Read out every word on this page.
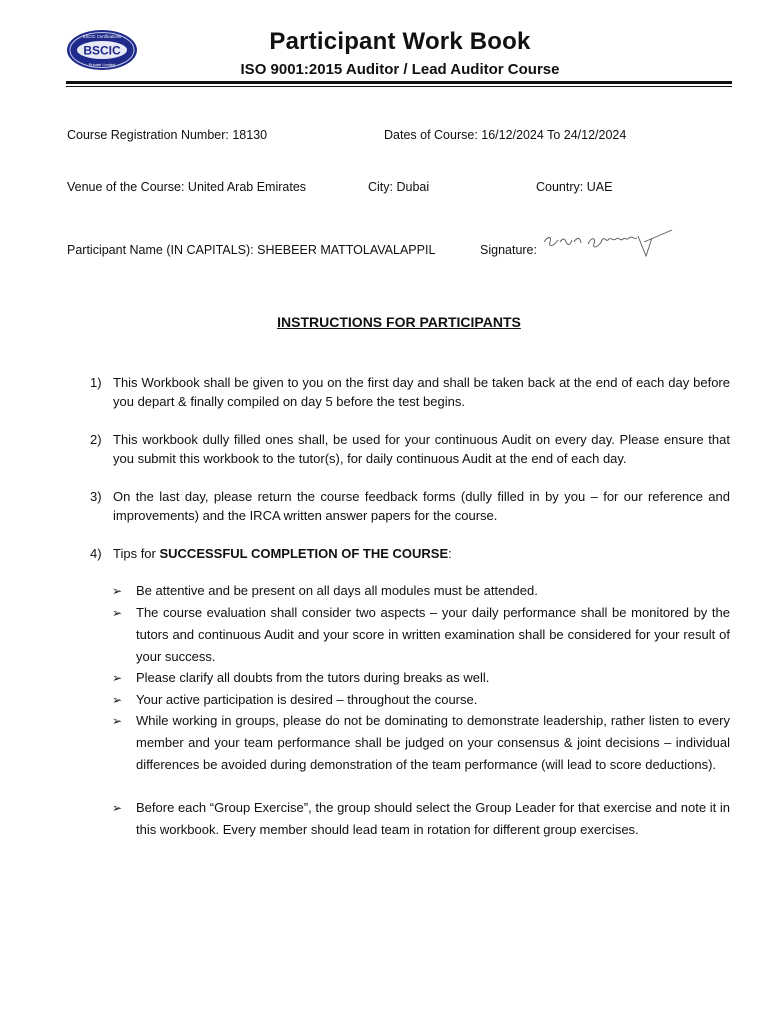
BSCIC Certifications
BSCIC
Private Limited
Participant Work Book
ISO 9001:2015 Auditor / Lead Auditor Course
Course Registration Number: 18130	Dates of Course: 16/12/2024 To 24/12/2024
Venue of the Course: United Arab Emirates	City: Dubai	Country: UAE
Participant Name (IN CAPITALS): SHEBEER MATTOLAVALAPPIL	Signature:
INSTRUCTIONS FOR PARTICIPANTS
1) This Workbook shall be given to you on the first day and shall be taken back at the end of each day before you depart & finally compiled on day 5 before the test begins.
2) This workbook dully filled ones shall, be used for your continuous Audit on every day. Please ensure that you submit this workbook to the tutor(s), for daily continuous Audit at the end of each day.
3) On the last day, please return the course feedback forms (dully filled in by you – for our reference and improvements) and the IRCA written answer papers for the course.
4) Tips for SUCCESSFUL COMPLETION OF THE COURSE:
➢ Be attentive and be present on all days all modules must be attended.
➢ The course evaluation shall consider two aspects – your daily performance shall be monitored by the tutors and continuous Audit and your score in written examination shall be considered for your result of your success.
➢ Please clarify all doubts from the tutors during breaks as well.
➢ Your active participation is desired – throughout the course.
➢ While working in groups, please do not be dominating to demonstrate leadership, rather listen to every member and your team performance shall be judged on your consensus & joint decisions – individual differences be avoided during demonstration of the team performance (will lead to score deductions).
➢ Before each “Group Exercise”, the group should select the Group Leader for that exercise and note it in this workbook. Every member should lead team in rotation for different group exercises.
